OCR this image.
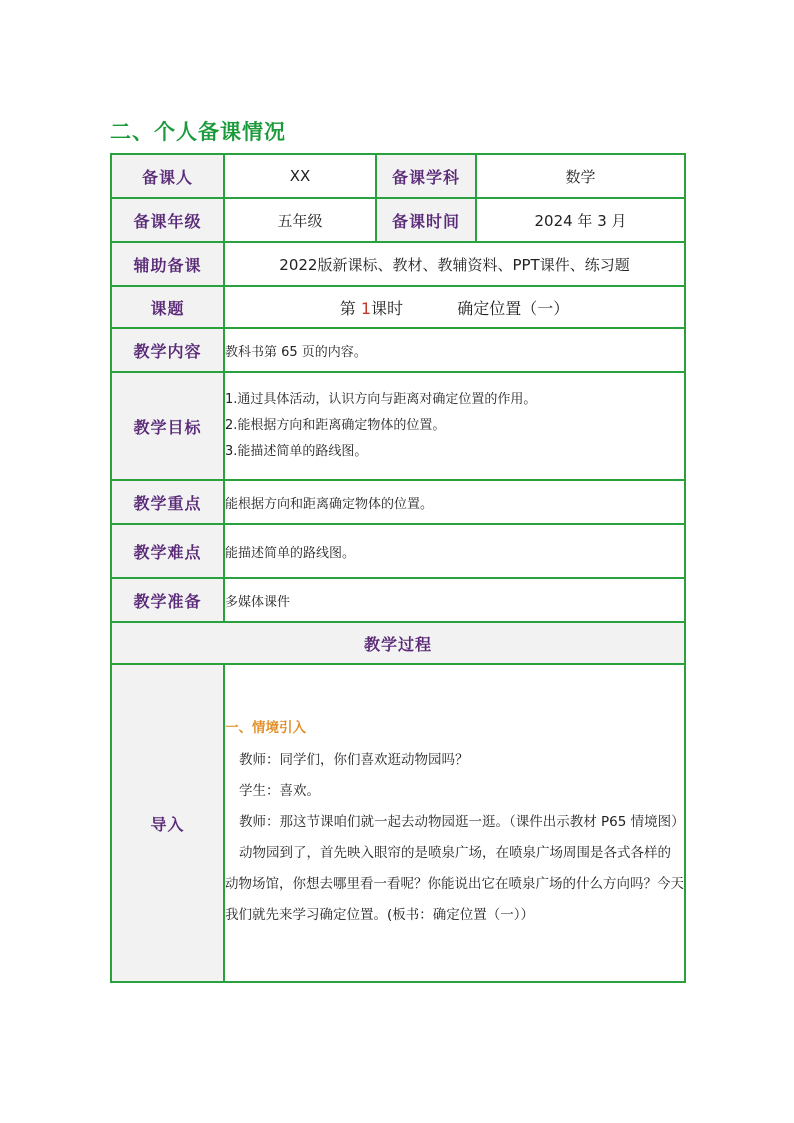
二、个人备课情况
备课人	XX	备课学科	数学
备课年级	五年级	备课时间	2024 年 3 月
辅助备课	2022版新课标、教材、教辅资料、PPT课件、练习题		
课题	第 1课时 确定位置（一）		
教学内容	教科书第 65 页的内容。		
教学目标	1.通过具体活动，认识方向与距离对确定位置的作用。
2.能根据方向和距离确定物体的位置。
3.能描述简单的路线图。		

教学重点	能根据方向和距离确定物体的位置。		
教学难点	能描述简单的路线图。		
教学准备	多媒体课件		
教学过程			
导入	一、情境引入

教师：同学们，你们喜欢逛动物园吗？

学生：喜欢。

教师：那这节课咱们就一起去动物园逛一逛。（课件出示教材 P65 情境图）

动物园到了，首先映入眼帘的是喷泉广场，在喷泉广场周围是各式各样的动物场馆，你想去哪里看一看呢？你能说出它在喷泉广场的什么方向吗？今天我们就先来学习确定位置。(板书：确定位置（一））		
